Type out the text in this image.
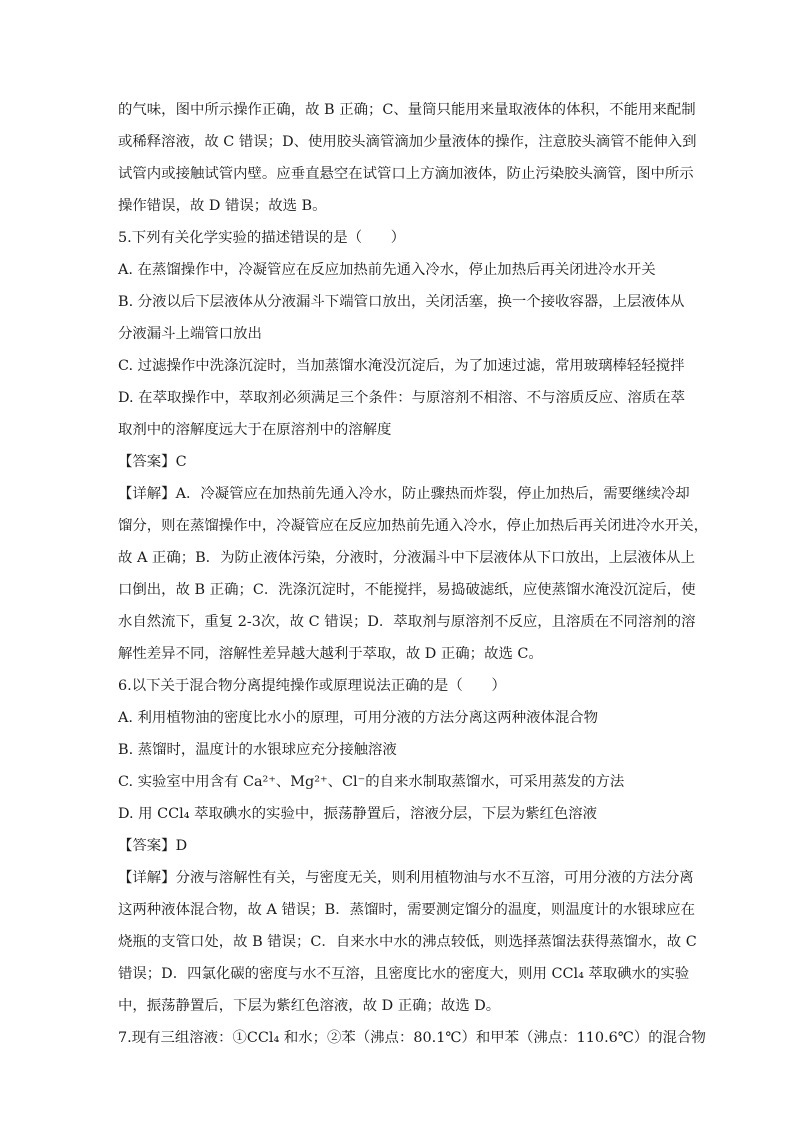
的气味，图中所示操作正确，故 B 正确；C、量筒只能用来量取液体的体积，不能用来配制
或稀释溶液，故 C 错误；D、使用胶头滴管滴加少量液体的操作，注意胶头滴管不能伸入到
试管内或接触试管内壁。应垂直悬空在试管口上方滴加液体，防止污染胶头滴管，图中所示
操作错误，故 D 错误；故选 B。
5.下列有关化学实验的描述错误的是（　　）
A. 在蒸馏操作中，冷凝管应在反应加热前先通入冷水，停止加热后再关闭进冷水开关
B. 分液以后下层液体从分液漏斗下端管口放出，关闭活塞，换一个接收容器，上层液体从
分液漏斗上端管口放出
C. 过滤操作中洗涤沉淀时，当加蒸馏水淹没沉淀后，为了加速过滤，常用玻璃棒轻轻搅拌
D. 在萃取操作中，萃取剂必须满足三个条件：与原溶剂不相溶、不与溶质反应、溶质在萃
取剂中的溶解度远大于在原溶剂中的溶解度
【答案】C
【详解】A．冷凝管应在加热前先通入冷水，防止骤热而炸裂，停止加热后，需要继续冷却
馏分，则在蒸馏操作中，冷凝管应在反应加热前先通入冷水，停止加热后再关闭进冷水开关，
故 A 正确；B．为防止液体污染，分液时，分液漏斗中下层液体从下口放出，上层液体从上
口倒出，故 B 正确；C．洗涤沉淀时，不能搅拌，易捣破滤纸，应使蒸馏水淹没沉淀后，使
水自然流下，重复 2-3次，故 C 错误；D．萃取剂与原溶剂不反应，且溶质在不同溶剂的溶
解性差异不同，溶解性差异越大越利于萃取，故 D 正确；故选 C。
6.以下关于混合物分离提纯操作或原理说法正确的是（　　）
A. 利用植物油的密度比水小的原理，可用分液的方法分离这两种液体混合物
B. 蒸馏时，温度计的水银球应充分接触溶液
C. 实验室中用含有 Ca²⁺、Mg²⁺、Cl⁻的自来水制取蒸馏水，可采用蒸发的方法
D. 用 CCl₄ 萃取碘水的实验中，振荡静置后，溶液分层，下层为紫红色溶液
【答案】D
【详解】分液与溶解性有关，与密度无关，则利用植物油与水不互溶，可用分液的方法分离
这两种液体混合物，故 A 错误；B．蒸馏时，需要测定馏分的温度，则温度计的水银球应在
烧瓶的支管口处，故 B 错误；C．自来水中水的沸点较低，则选择蒸馏法获得蒸馏水，故 C
错误；D．四氯化碳的密度与水不互溶，且密度比水的密度大，则用 CCl₄ 萃取碘水的实验
中，振荡静置后，下层为紫红色溶液，故 D 正确；故选 D。
7.现有三组溶液：①CCl₄ 和水；②苯（沸点：80.1℃）和甲苯（沸点：110.6℃）的混合物
